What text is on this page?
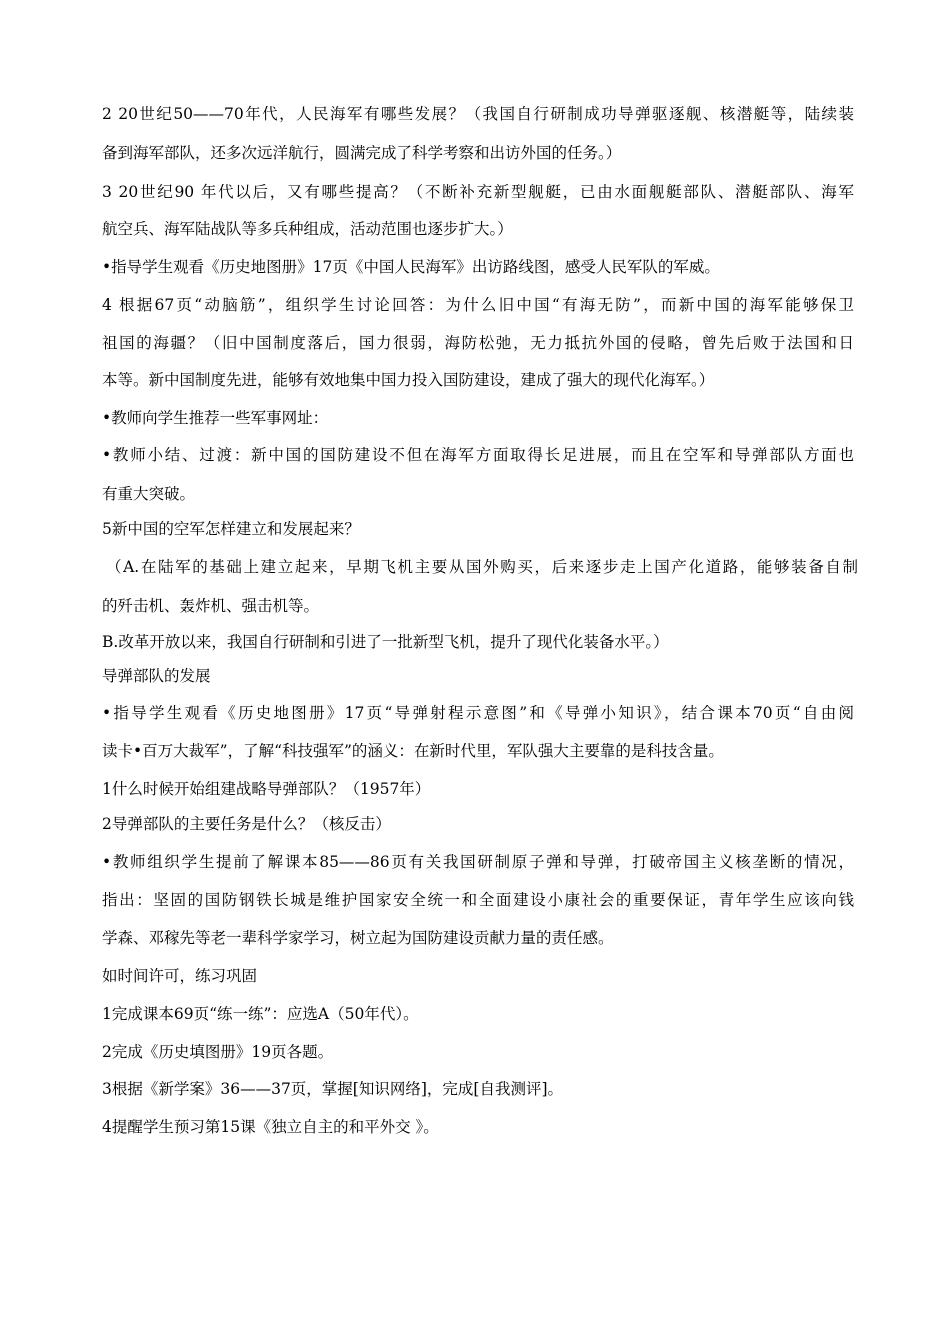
2 20世纪50——70年代，人民海军有哪些发展？（我国自行研制成功导弹驱逐舰、核潜艇等，陆续装
备到海军部队，还多次远洋航行，圆满完成了科学考察和出访外国的任务。）
3 20世纪90 年代以后，又有哪些提高？（不断补充新型舰艇，已由水面舰艇部队、潜艇部队、海军
航空兵、海军陆战队等多兵种组成，活动范围也逐步扩大。）
•指导学生观看《历史地图册》17页《中国人民海军》出访路线图，感受人民军队的军威。
4 根据67页“动脑筋”，组织学生讨论回答：为什么旧中国“有海无防”，而新中国的海军能够保卫
祖国的海疆？（旧中国制度落后，国力很弱，海防松弛，无力抵抗外国的侵略，曾先后败于法国和日
本等。新中国制度先进，能够有效地集中国力投入国防建设，建成了强大的现代化海军。）
•教师向学生推荐一些军事网址：
•教师小结、过渡：新中国的国防建设不但在海军方面取得长足进展，而且在空军和导弹部队方面也
有重大突破。
5新中国的空军怎样建立和发展起来？
（A.在陆军的基础上建立起来，早期飞机主要从国外购买，后来逐步走上国产化道路，能够装备自制
的歼击机、轰炸机、强击机等。
B.改革开放以来，我国自行研制和引进了一批新型飞机，提升了现代化装备水平。）
导弹部队的发展
•指导学生观看《历史地图册》17页“导弹射程示意图”和《导弹小知识》，结合课本70页“自由阅
读卡•百万大裁军”，了解“科技强军”的涵义：在新时代里，军队强大主要靠的是科技含量。
1什么时候开始组建战略导弹部队？（1957年）
2导弹部队的主要任务是什么？（核反击）
•教师组织学生提前了解课本85——86页有关我国研制原子弹和导弹，打破帝国主义核垄断的情况，
指出：坚固的国防钢铁长城是维护国家安全统一和全面建设小康社会的重要保证，青年学生应该向钱
学森、邓稼先等老一辈科学家学习，树立起为国防建设贡献力量的责任感。
如时间许可，练习巩固
1完成课本69页“练一练”：应选A（50年代）。
2完成《历史填图册》19页各题。
3根据《新学案》36——37页，掌握[知识网络]，完成[自我测评]。
4提醒学生预习第15课《独立自主的和平外交 》。
